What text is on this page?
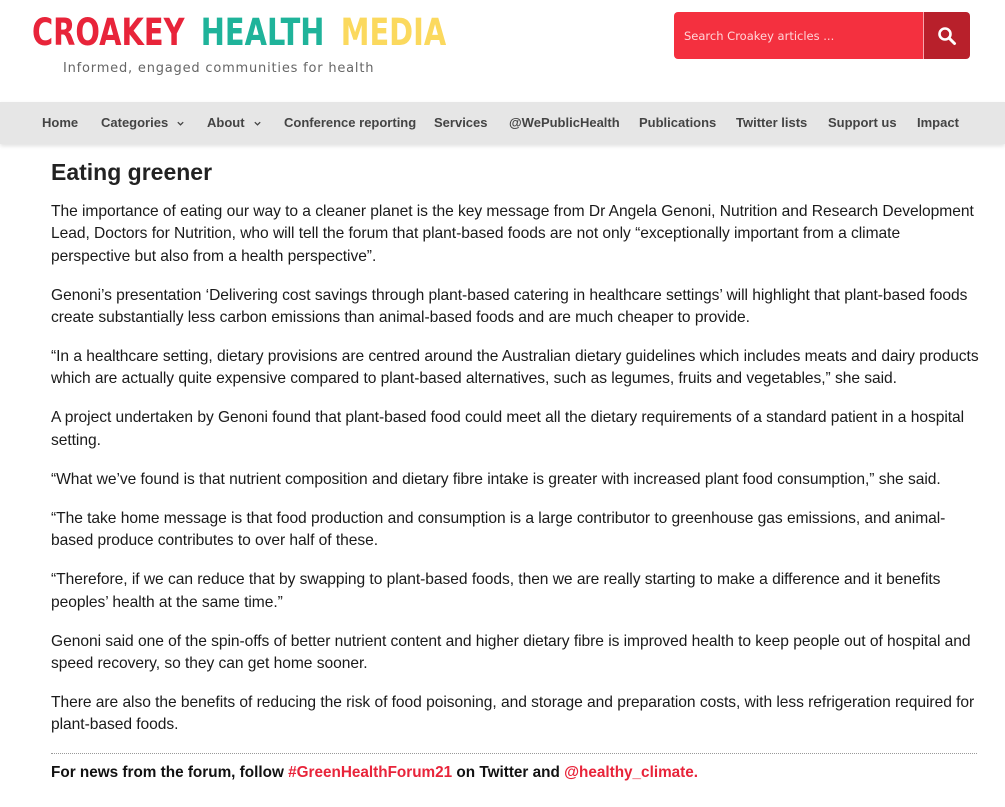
CROAKEY HEALTH MEDIA
Informed, engaged communities for health
Search Croakey articles ...
Home Categories	About	Conference reporting Services @WePublicHealth Publications Twitter lists Support us Impact
Eating greener

The importance of eating our way to a cleaner planet is the key message from Dr Angela Genoni, Nutrition and Research Development Lead, Doctors for Nutrition, who will tell the forum that plant-based foods are not only “exceptionally important from a climate perspective but also from a health perspective”.

Genoni’s presentation ‘Delivering cost savings through plant-based catering in healthcare settings’ will highlight that plant-based foods create substantially less carbon emissions than animal-based foods and are much cheaper to provide.

“In a healthcare setting, dietary provisions are centred around the Australian dietary guidelines which includes meats and dairy products which are actually quite expensive compared to plant-based alternatives, such as legumes, fruits and vegetables,” she said.

A project undertaken by Genoni found that plant-based food could meet all the dietary requirements of a standard patient in a hospital setting.

“What we’ve found is that nutrient composition and dietary fibre intake is greater with increased plant food consumption,” she said.

“The take home message is that food production and consumption is a large contributor to greenhouse gas emissions, and animal-based produce contributes to over half of these.

“Therefore, if we can reduce that by swapping to plant-based foods, then we are really starting to make a difference and it benefits peoples’ health at the same time.”

Genoni said one of the spin-offs of better nutrient content and higher dietary fibre is improved health to keep people out of hospital and speed recovery, so they can get home sooner.

There are also the benefits of reducing the risk of food poisoning, and storage and preparation costs, with less refrigeration required for plant-based foods.

For news from the forum, follow #GreenHealthForum21 on Twitter and @healthy_climate.
